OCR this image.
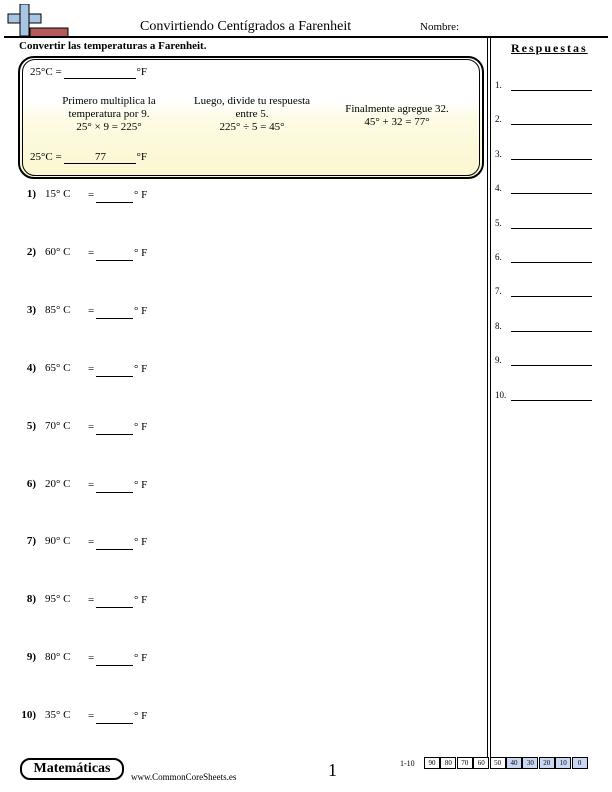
Convirtiendo Centígrados a Farenheit	Nombre:
Respuestas
1.
2.
3.
4.
5.
6.
7.
8.
9.
10.
Convertir las temperaturas a Farenheit.
25°C =	°F
Primero multiplica la
temperatura por 9.
25° × 9 = 225°
Luego, divide tu respuesta
entre 5.
225° ÷ 5 = 45°
Finalmente agregue 32.
45° + 32 = 77°
25°C =	77	°F
1) 15° C =	° F
2) 60° C =	° F
3) 85° C =	° F
4) 65° C =	° F
5) 70° C =	° F
6) 20° C =	° F
7) 90° C =	° F
8) 95° C =	° F
9) 80° C =	° F
10) 35° C =	° F
Matemáticas
www.CommonCoreSheets.es	1	1-10	90	80	70	60	50	40	30	20	10	0
